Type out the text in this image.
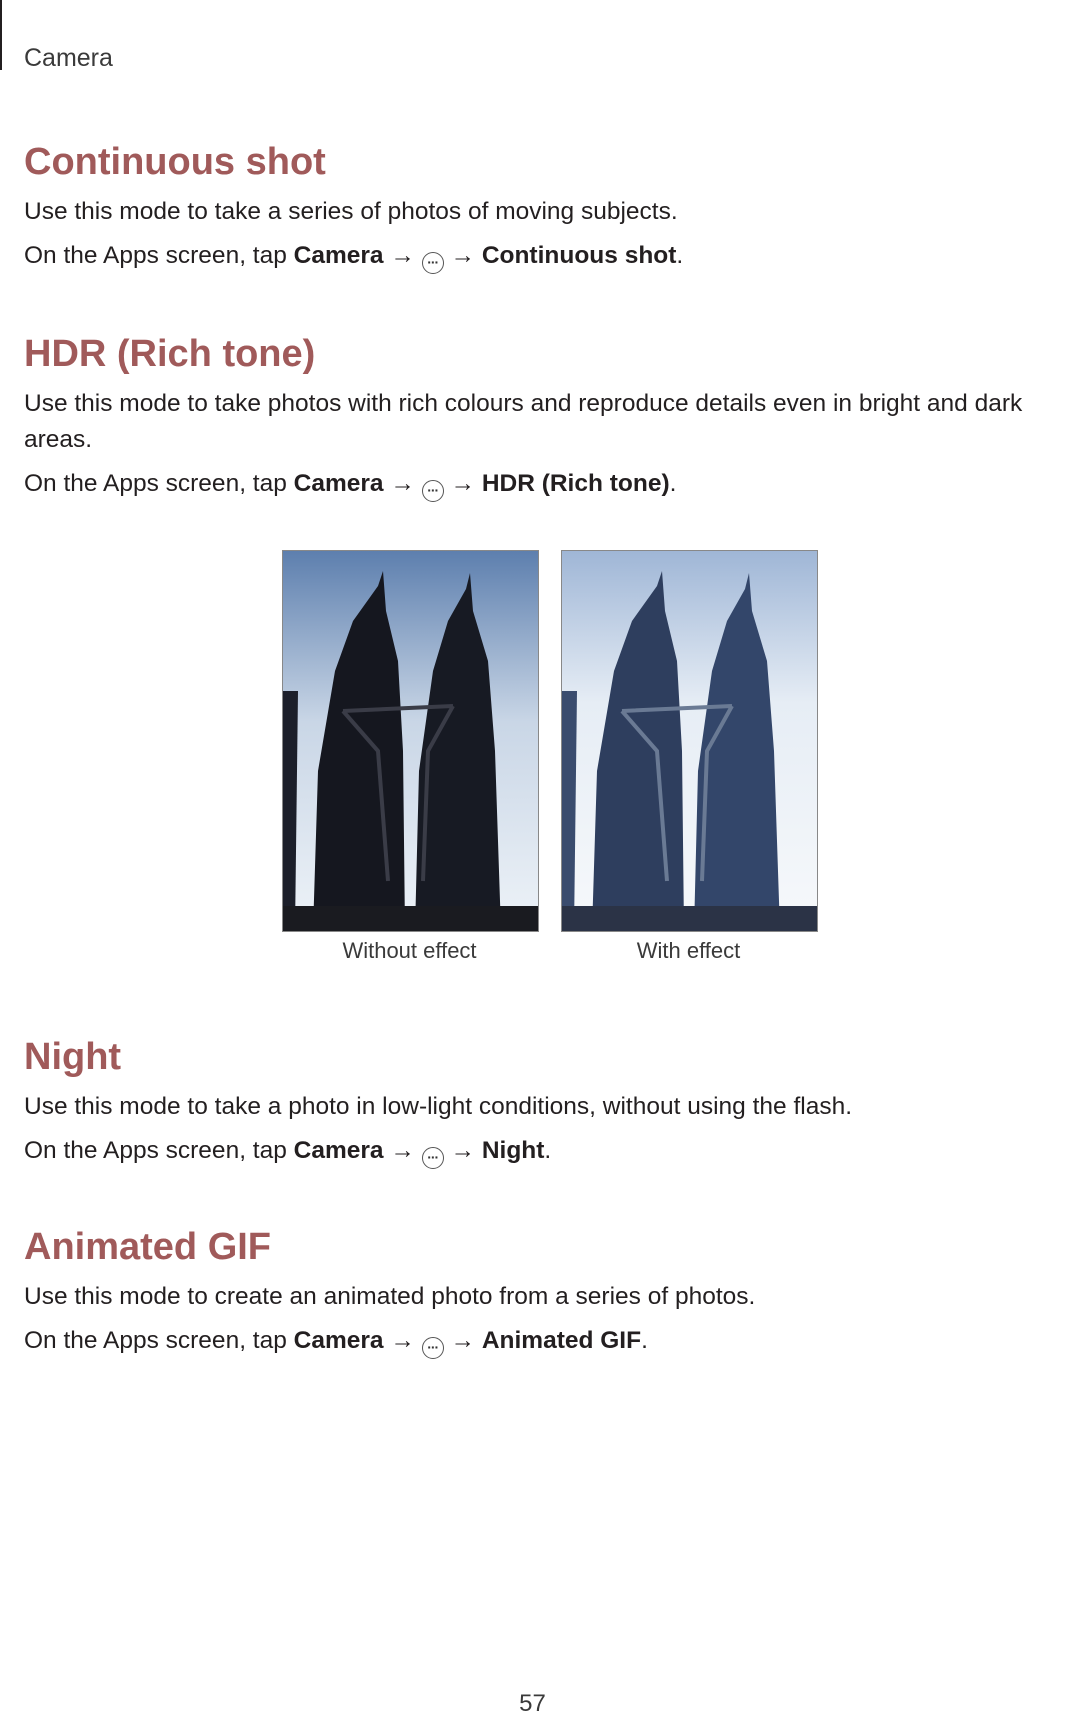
Camera
Continuous shot

Use this mode to take a series of photos of moving subjects.

On the Apps screen, tap Camera → ··· → Continuous shot.

HDR (Rich tone)

Use this mode to take photos with rich colours and reproduce details even in bright and dark areas.

On the Apps screen, tap Camera → ··· → HDR (Rich tone).

Without effect	With effect
Night

Use this mode to take a photo in low-light conditions, without using the flash.

On the Apps screen, tap Camera → ··· → Night.

Animated GIF

Use this mode to create an animated photo from a series of photos.

On the Apps screen, tap Camera → ··· → Animated GIF.

57
